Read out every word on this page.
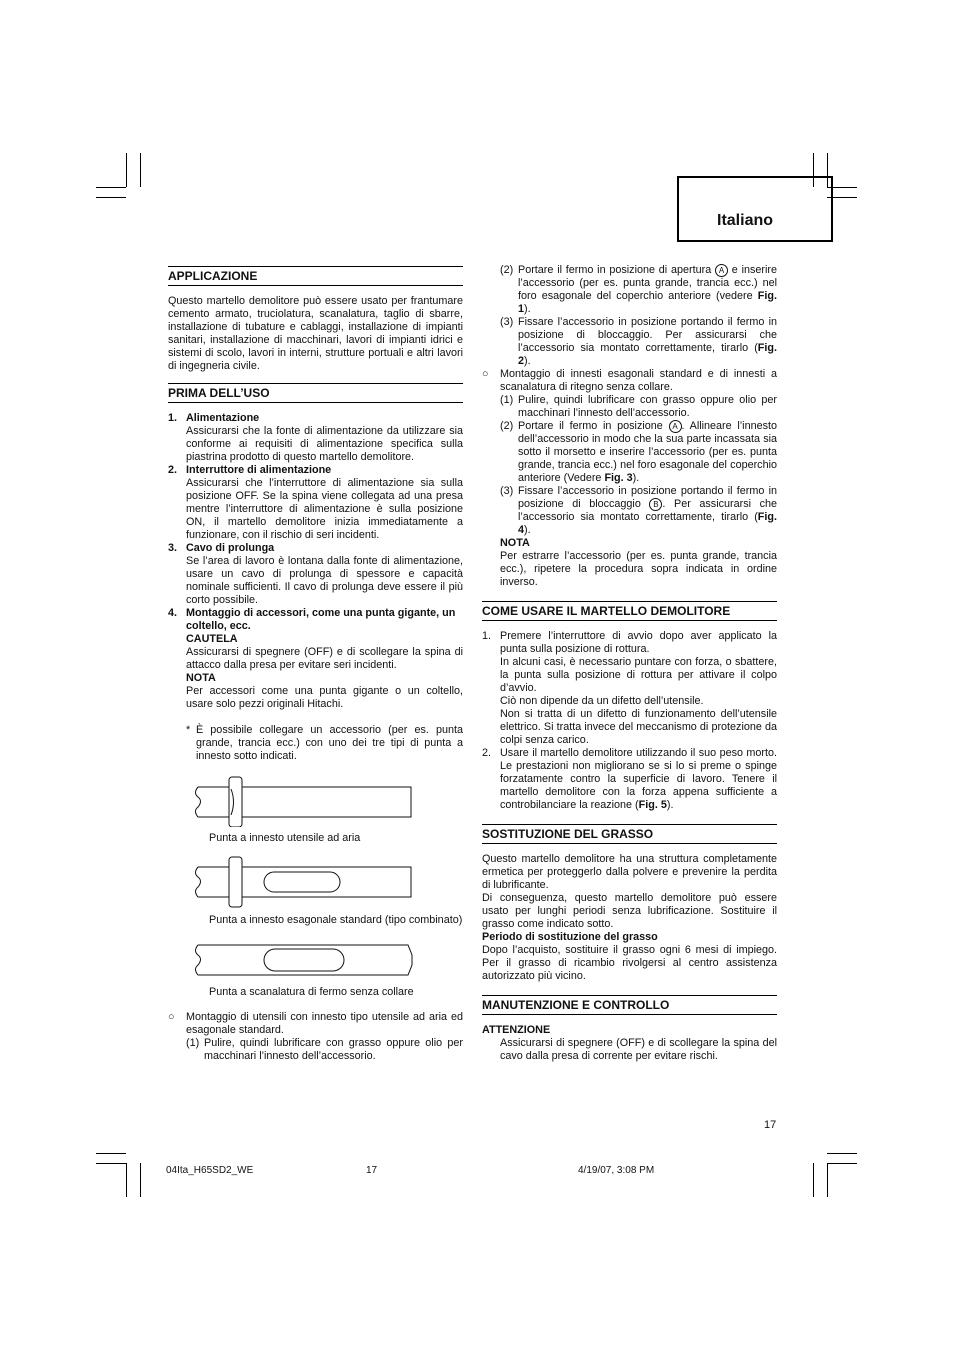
Italiano
APPLICAZIONE

Questo martello demolitore può essere usato per frantumare cemento armato, truciolatura, scanalatura, taglio di sbarre, installazione di tubature e cablaggi, installazione di impianti sanitari, installazione di macchinari, lavori di impianti idrici e sistemi di scolo, lavori in interni, strutture portuali e altri lavori di ingegneria civile.

PRIMA DELL’USO
1. Alimentazione

Assicurarsi che la fonte di alimentazione da utilizzare sia conforme ai requisiti di alimentazione specifica sulla piastrina prodotto di questo martello demolitore.

2. Interruttore di alimentazione

Assicurarsi che l’interruttore di alimentazione sia sulla posizione OFF. Se la spina viene collegata ad una presa mentre l’interruttore di alimentazione è sulla posizione ON, il martello demolitore inizia immediatamente a funzionare, con il rischio di seri incidenti.

3. Cavo di prolunga

Se l’area di lavoro è lontana dalla fonte di alimentazione, usare un cavo di prolunga di spessore e capacità nominale sufficienti. Il cavo di prolunga deve essere il più corto possibile.

4. Montaggio di accessori, come una punta gigante, un coltello, ecc.
CAUTELA

Assicurarsi di spegnere (OFF) e di scollegare la spina di attacco dalla presa per evitare seri incidenti.

NOTA

Per accessori come una punta gigante o un coltello, usare solo pezzi originali Hitachi.

* È possibile collegare un accessorio (per es. punta grande, trancia ecc.) con uno dei tre tipi di punta a innesto sotto indicati.

Punta a innesto utensile ad aria
Punta a innesto esagonale standard (tipo combinato)
Punta a scanalatura di fermo senza collare
○ Montaggio di utensili con innesto tipo utensile ad aria ed esagonale standard.

(1) Pulire, quindi lubrificare con grasso oppure olio per macchinari l’innesto dell’accessorio.

(2) Portare il fermo in posizione di apertura A e inserire l’accessorio (per es. punta grande, trancia ecc.) nel foro esagonale del coperchio anteriore (vedere Fig. 1).

(3) Fissare l’accessorio in posizione portando il fermo in posizione di bloccaggio. Per assicurarsi che l’accessorio sia montato correttamente, tirarlo (Fig. 2).

○ Montaggio di innesti esagonali standard e di innesti a scanalatura di ritegno senza collare.

(1) Pulire, quindi lubrificare con grasso oppure olio per macchinari l’innesto dell’accessorio.

(2) Portare il fermo in posizione A . Allineare l’innesto dell’accessorio in modo che la sua parte incassata sia sotto il morsetto e inserire l’accessorio (per es. punta grande, trancia ecc.) nel foro esagonale del coperchio anteriore (Vedere Fig. 3).

(3) Fissare l’accessorio in posizione portando il fermo in posizione di bloccaggio B . Per assicurarsi che l’accessorio sia montato correttamente, tirarlo (Fig. 4).

NOTA

Per estrarre l’accessorio (per es. punta grande, trancia ecc.), ripetere la procedura sopra indicata in ordine inverso.

COME USARE IL MARTELLO DEMOLITORE
1. Premere l’interruttore di avvio dopo aver applicato la punta sulla posizione di rottura.

In alcuni casi, è necessario puntare con forza, o sbattere, la punta sulla posizione di rottura per attivare il colpo d’avvio.

Ciò non dipende da un difetto dell’utensile.

Non si tratta di un difetto di funzionamento dell’utensile elettrico. Si tratta invece del meccanismo di protezione da colpi senza carico.

2. Usare il martello demolitore utilizzando il suo peso morto. Le prestazioni non migliorano se si lo si preme o spinge forzatamente contro la superficie di lavoro. Tenere il martello demolitore con la forza appena sufficiente a controbilanciare la reazione (Fig. 5).

SOSTITUZIONE DEL GRASSO

Questo martello demolitore ha una struttura completamente ermetica per proteggerlo dalla polvere e prevenire la perdita di lubrificante.

Di conseguenza, questo martello demolitore può essere usato per lunghi periodi senza lubrificazione. Sostituire il grasso come indicato sotto.

Periodo di sostituzione del grasso

Dopo l’acquisto, sostituire il grasso ogni 6 mesi di impiego. Per il grasso di ricambio rivolgersi al centro assistenza autorizzato più vicino.

MANUTENZIONE E CONTROLLO
ATTENZIONE

Assicurarsi di spegnere (OFF) e di scollegare la spina del cavo dalla presa di corrente per evitare rischi.

17
04Ita_H65SD2_WE	17	4/19/07, 3:08 PM
